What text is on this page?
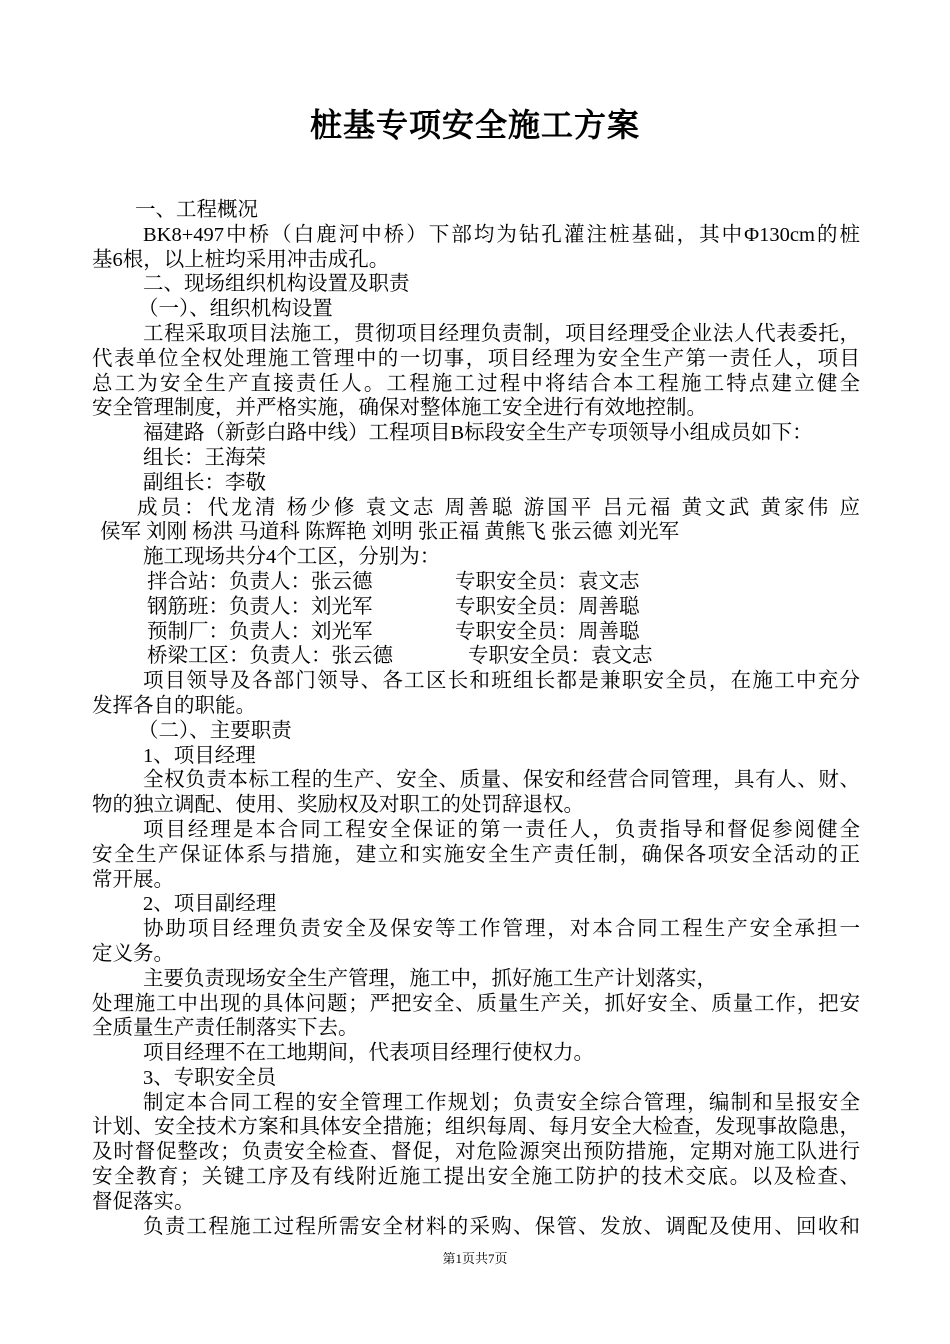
桩基专项安全施工方案
一、工程概况
BK8+497中桥（白鹿河中桥）下部均为钻孔灌注桩基础，其中Φ130cm的桩
基6根，以上桩均采用冲击成孔。
二、现场组织机构设置及职责
（一）、组织机构设置
工程采取项目法施工，贯彻项目经理负责制，项目经理受企业法人代表委托，
代表单位全权处理施工管理中的一切事，项目经理为安全生产第一责任人，项目
总工为安全生产直接责任人。工程施工过程中将结合本工程施工特点建立健全
安全管理制度，并严格实施，确保对整体施工安全进行有效地控制。
福建路（新彭白路中线）工程项目B标段安全生产专项领导小组成员如下：
组长：王海荣
副组长：李敬
成员：代龙清 杨少修 袁文志 周善聪 游国平 吕元福 黄文武 黄家伟 应
侯军 刘刚 杨洪 马道科 陈辉艳 刘明 张正福 黄熊飞 张云德 刘光军
施工现场共分4个工区，分别为：
拌合站：负责人：张云德	专职安全员：袁文志
钢筋班：负责人：刘光军	专职安全员：周善聪
预制厂：负责人：刘光军	专职安全员：周善聪
桥梁工区：负责人：张云德	专职安全员：袁文志
项目领导及各部门领导、各工区长和班组长都是兼职安全员，在施工中充分
发挥各自的职能。
（二）、主要职责
1、项目经理
全权负责本标工程的生产、安全、质量、保安和经营合同管理，具有人、财、
物的独立调配、使用、奖励权及对职工的处罚辞退权。
项目经理是本合同工程安全保证的第一责任人，负责指导和督促参阅健全
安全生产保证体系与措施，建立和实施安全生产责任制，确保各项安全活动的正
常开展。
2、项目副经理
协助项目经理负责安全及保安等工作管理，对本合同工程生产安全承担一
定义务。
主要负责现场安全生产管理，施工中，抓好施工生产计划落实，
处理施工中出现的具体问题；严把安全、质量生产关，抓好安全、质量工作，把安
全质量生产责任制落实下去。
项目经理不在工地期间，代表项目经理行使权力。
3、专职安全员
制定本合同工程的安全管理工作规划；负责安全综合管理，编制和呈报安全
计划、安全技术方案和具体安全措施；组织每周、每月安全大检查，发现事故隐患，
及时督促整改；负责安全检查、督促，对危险源突出预防措施，定期对施工队进行
安全教育；关键工序及有线附近施工提出安全施工防护的技术交底。以及检查、
督促落实。
负责工程施工过程所需安全材料的采购、保管、发放、调配及使用、回收和
第1页共7页
